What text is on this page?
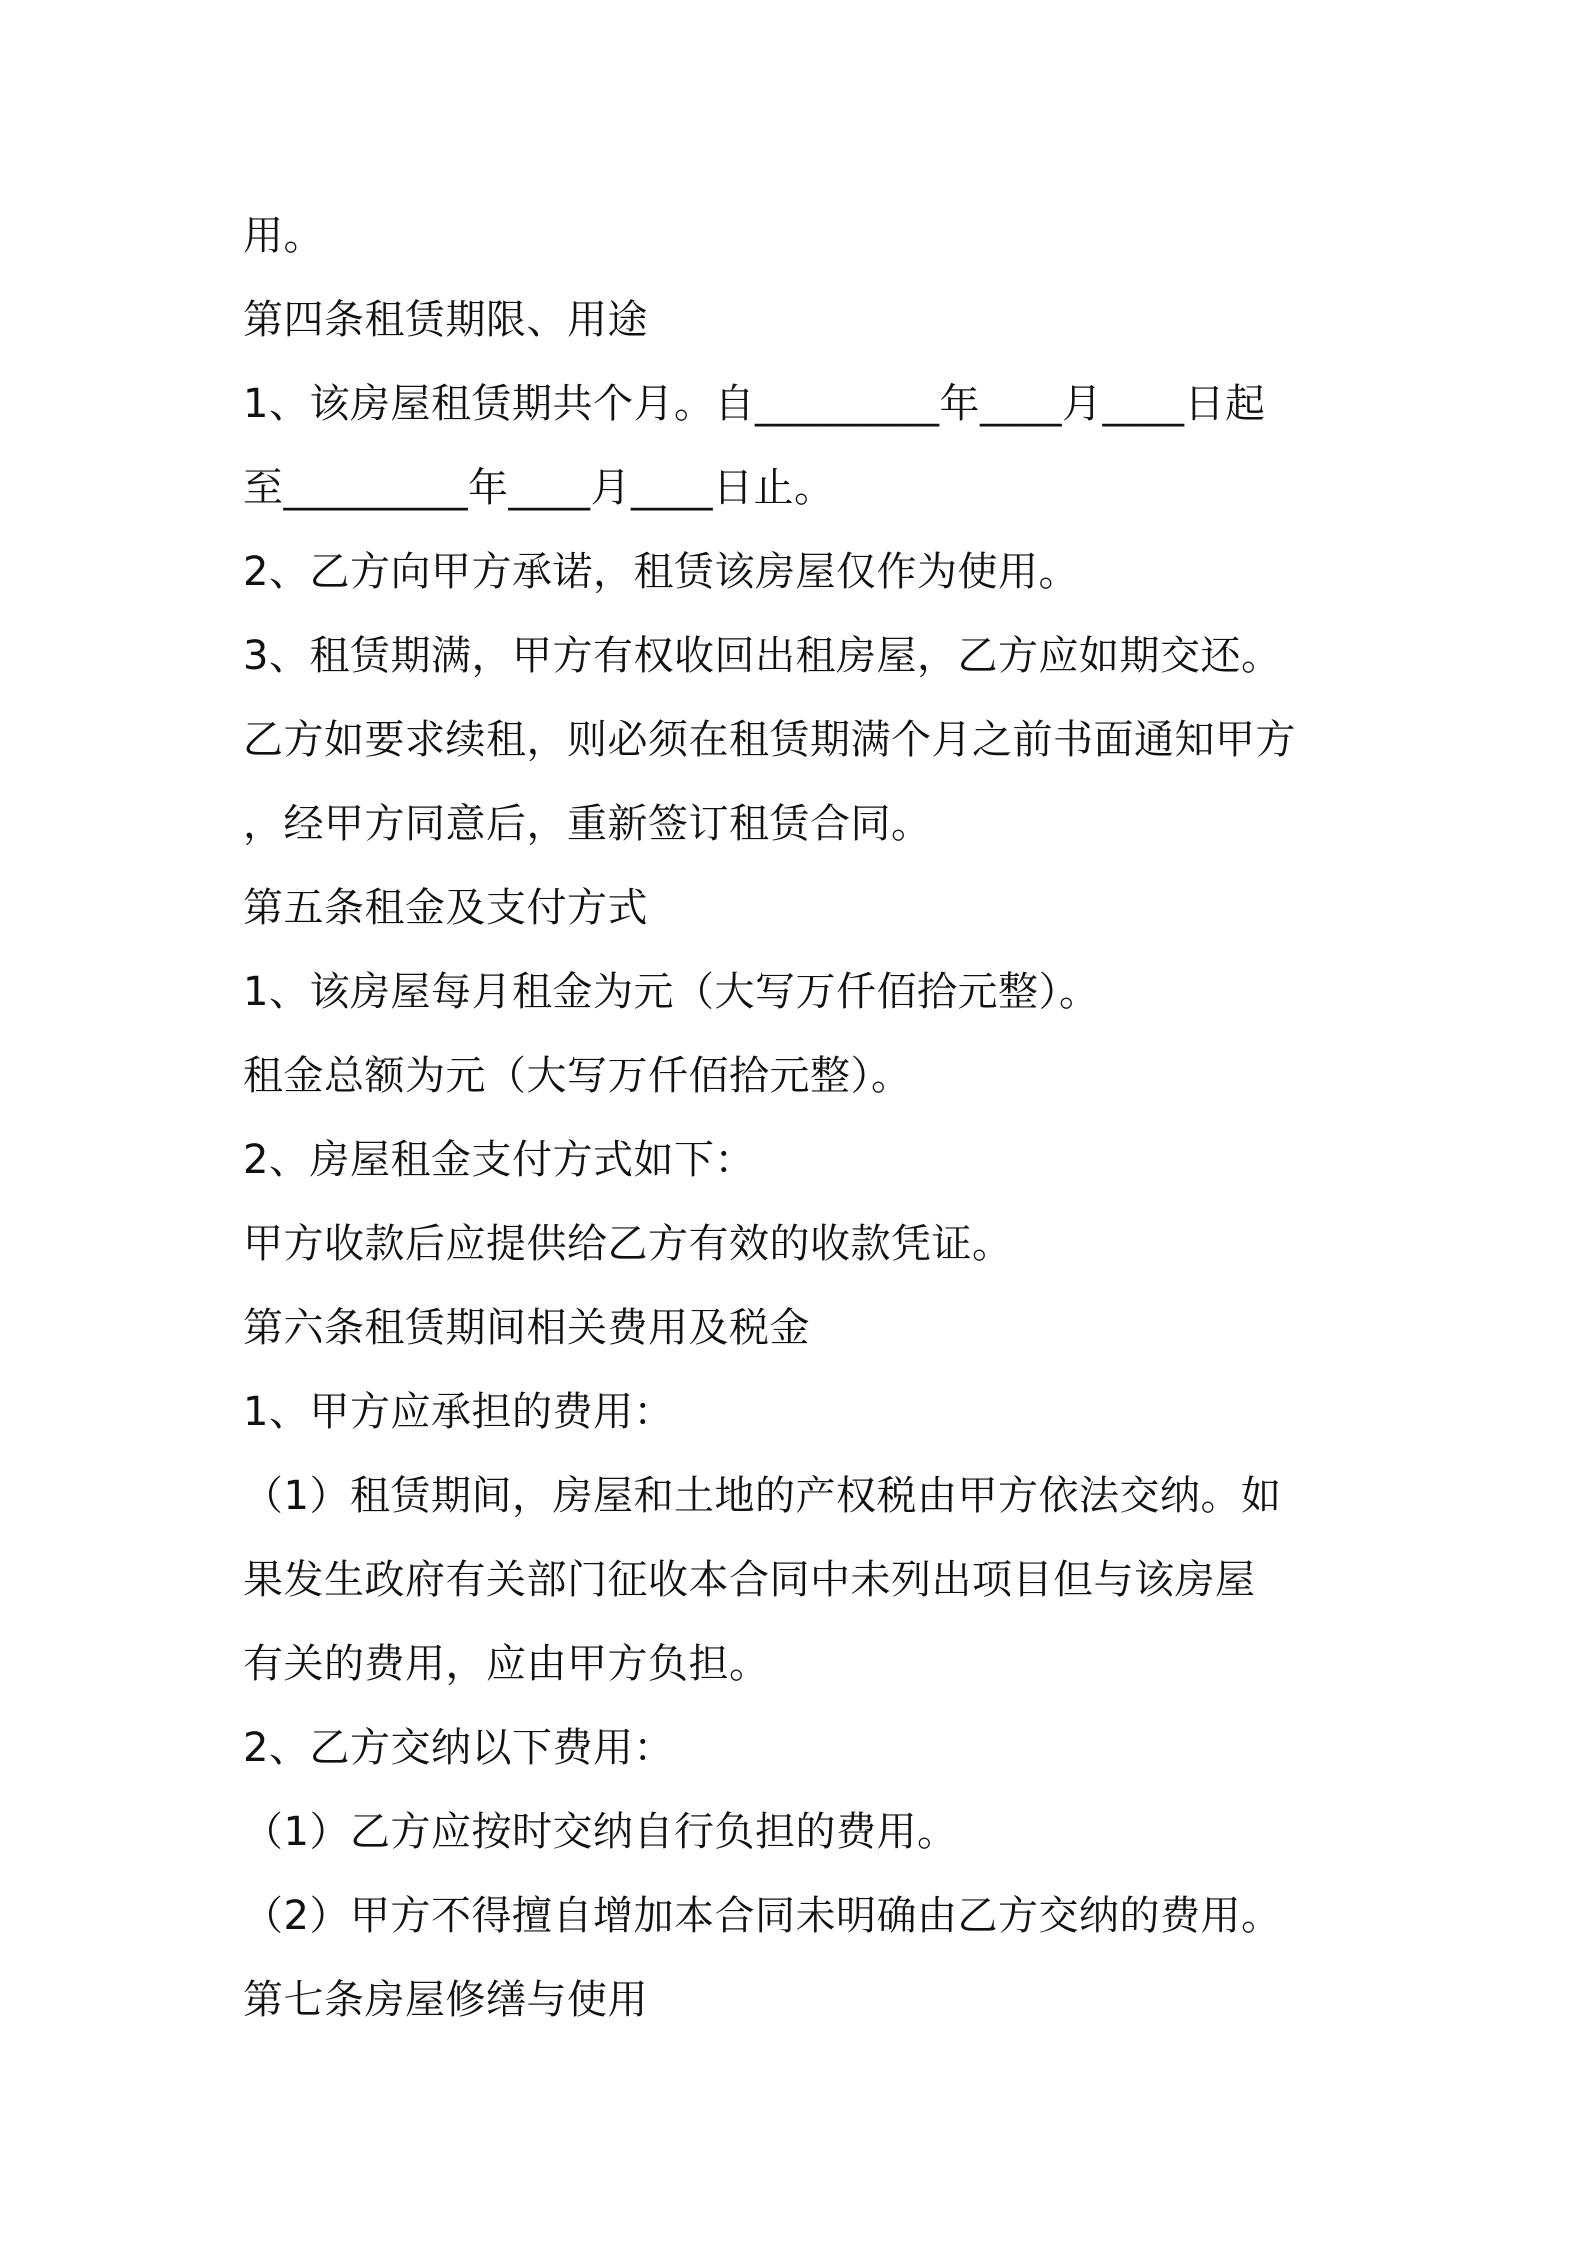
用。
第四条租赁期限、用途
1、该房屋租赁期共个月。自_________年____月____日起
至_________年____月____日止。
2、乙方向甲方承诺，租赁该房屋仅作为使用。
3、租赁期满，甲方有权收回出租房屋，乙方应如期交还。
乙方如要求续租，则必须在租赁期满个月之前书面通知甲方
，经甲方同意后，重新签订租赁合同。
第五条租金及支付方式
1、该房屋每月租金为元（大写万仟佰拾元整）。
租金总额为元（大写万仟佰拾元整）。
2、房屋租金支付方式如下：
甲方收款后应提供给乙方有效的收款凭证。
第六条租赁期间相关费用及税金
1、甲方应承担的费用：
（1）租赁期间，房屋和土地的产权税由甲方依法交纳。如
果发生政府有关部门征收本合同中未列出项目但与该房屋
有关的费用，应由甲方负担。
2、乙方交纳以下费用：
（1）乙方应按时交纳自行负担的费用。
（2）甲方不得擅自增加本合同未明确由乙方交纳的费用。
第七条房屋修缮与使用
